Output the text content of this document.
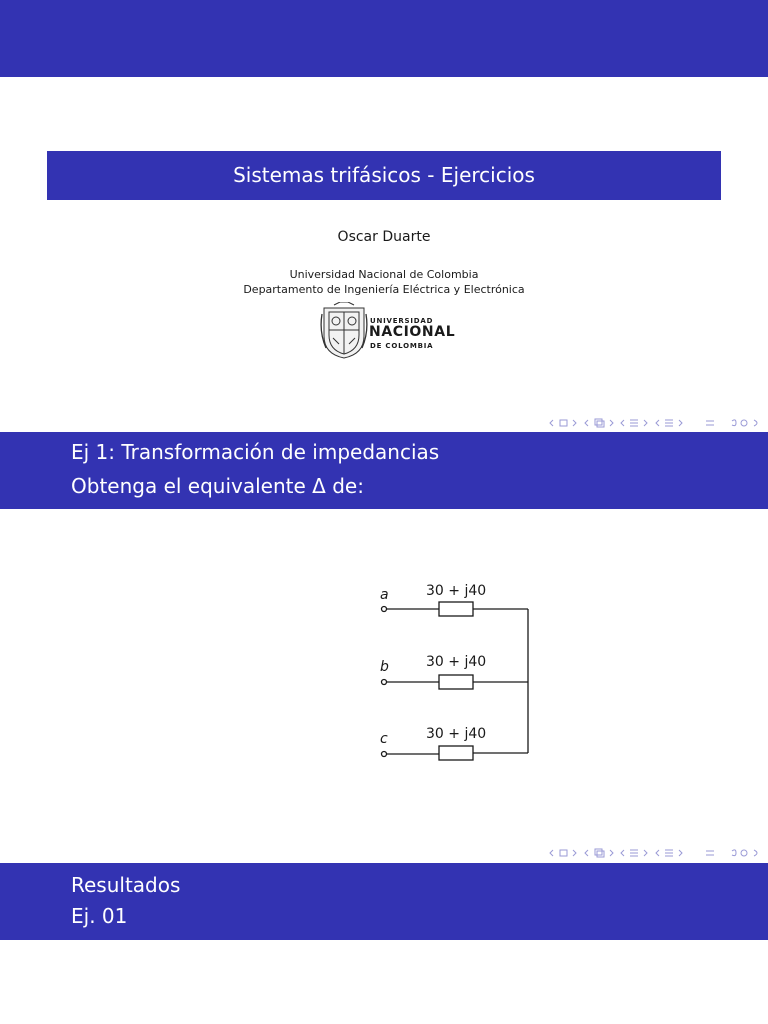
Sistemas trifásicos - Ejercicios
Oscar Duarte
Universidad Nacional de Colombia
Departamento de Ingeniería Eléctrica y Electrónica
UNIVERSIDAD
NACIONAL
DE COLOMBIA
Ej 1: Transformación de impedancias
Obtenga el equivalente Δ de:
a
b
c
30 + j40
30 + j40
30 + j40
Resultados
Ej. 01
